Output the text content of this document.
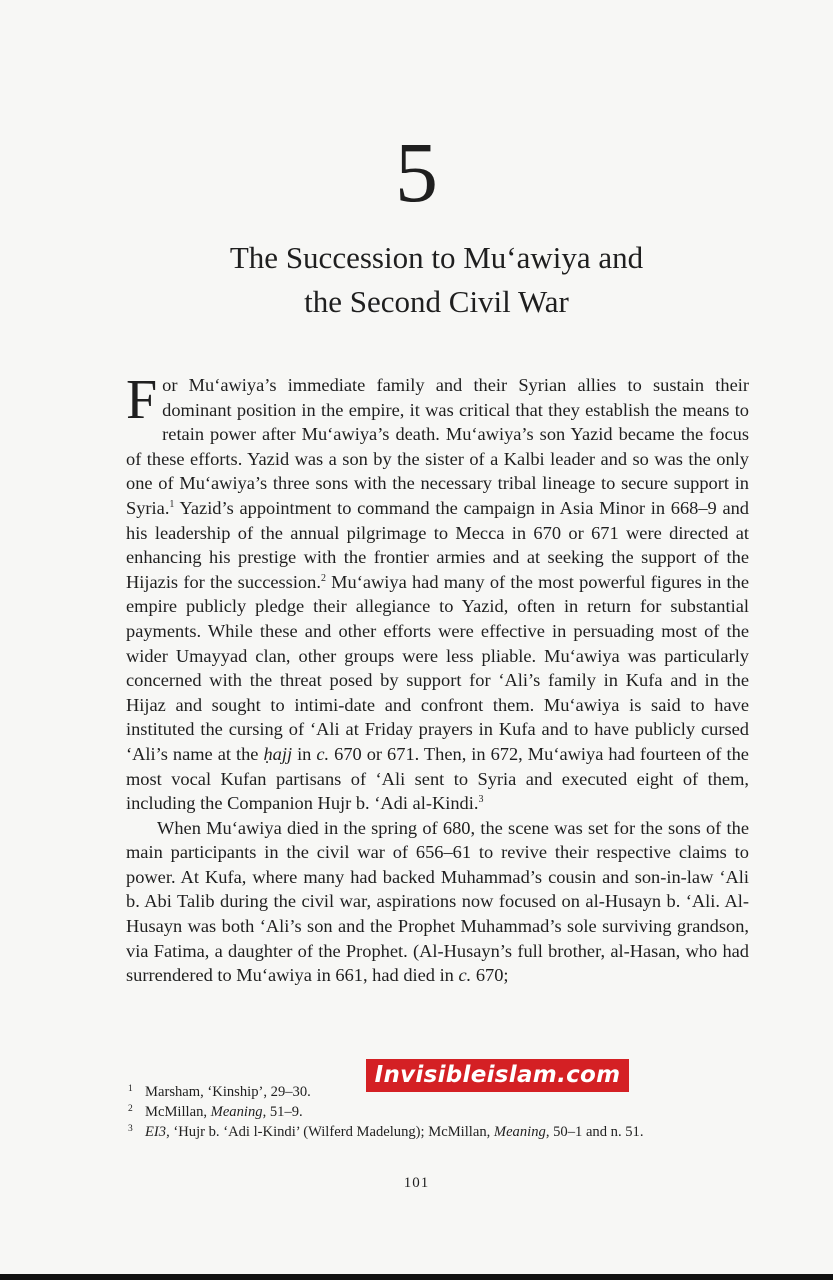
5
The Succession to Mu‘awiya and
the Second Civil War

For Mu‘awiya’s immediate family and their Syrian allies to sustain their dominant position in the empire, it was critical that they establish the means to retain power after Mu‘awiya’s death. Mu‘awiya’s son Yazid became the focus of these efforts. Yazid was a son by the sister of a Kalbi leader and so was the only one of Mu‘awiya’s three sons with the necessary tribal lineage to secure support in Syria.$^1$ Yazid’s appointment to command the campaign in Asia Minor in 668–9 and his leadership of the annual pilgrimage to Mecca in 670 or 671 were directed at enhancing his prestige with the frontier armies and at seeking the support of the Hijazis for the succession.$^2$ Mu‘awiya had many of the most powerful figures in the empire publicly pledge their allegiance to Yazid, often in return for substantial payments. While these and other efforts were effective in persuading most of the wider Umayyad clan, other groups were less pliable. Mu‘awiya was particularly concerned with the threat posed by support for ‘Ali’s family in Kufa and in the Hijaz and sought to intimi-date and confront them. Mu‘awiya is said to have instituted the cursing of ‘Ali at Friday prayers in Kufa and to have publicly cursed ‘Ali’s name at the ḥajj in c. 670 or 671. Then, in 672, Mu‘awiya had fourteen of the most vocal Kufan partisans of ‘Ali sent to Syria and executed eight of them, including the Companion Hujr b. ‘Adi al-Kindi.$^3$

When Mu‘awiya died in the spring of 680, the scene was set for the sons of the main participants in the civil war of 656–61 to revive their respective claims to power. At Kufa, where many had backed Muhammad’s cousin and son-in-law ‘Ali b. Abi Talib during the civil war, aspirations now focused on al-Husayn b. ‘Ali. Al-Husayn was both ‘Ali’s son and the Prophet Muhammad’s sole surviving grandson, via Fatima, a daughter of the Prophet. (Al-Husayn’s full brother, al-Hasan, who had surrendered to Mu‘awiya in 661, had died in c. 670;

Invisibleislam.com
1 Marsham, ‘Kinship’, 29–30.
2 McMillan, Meaning, 51–9.
3 EI3, ‘Hujr b. ‘Adi l-Kindi’ (Wilferd Madelung); McMillan, Meaning, 50–1 and n. 51.
101
